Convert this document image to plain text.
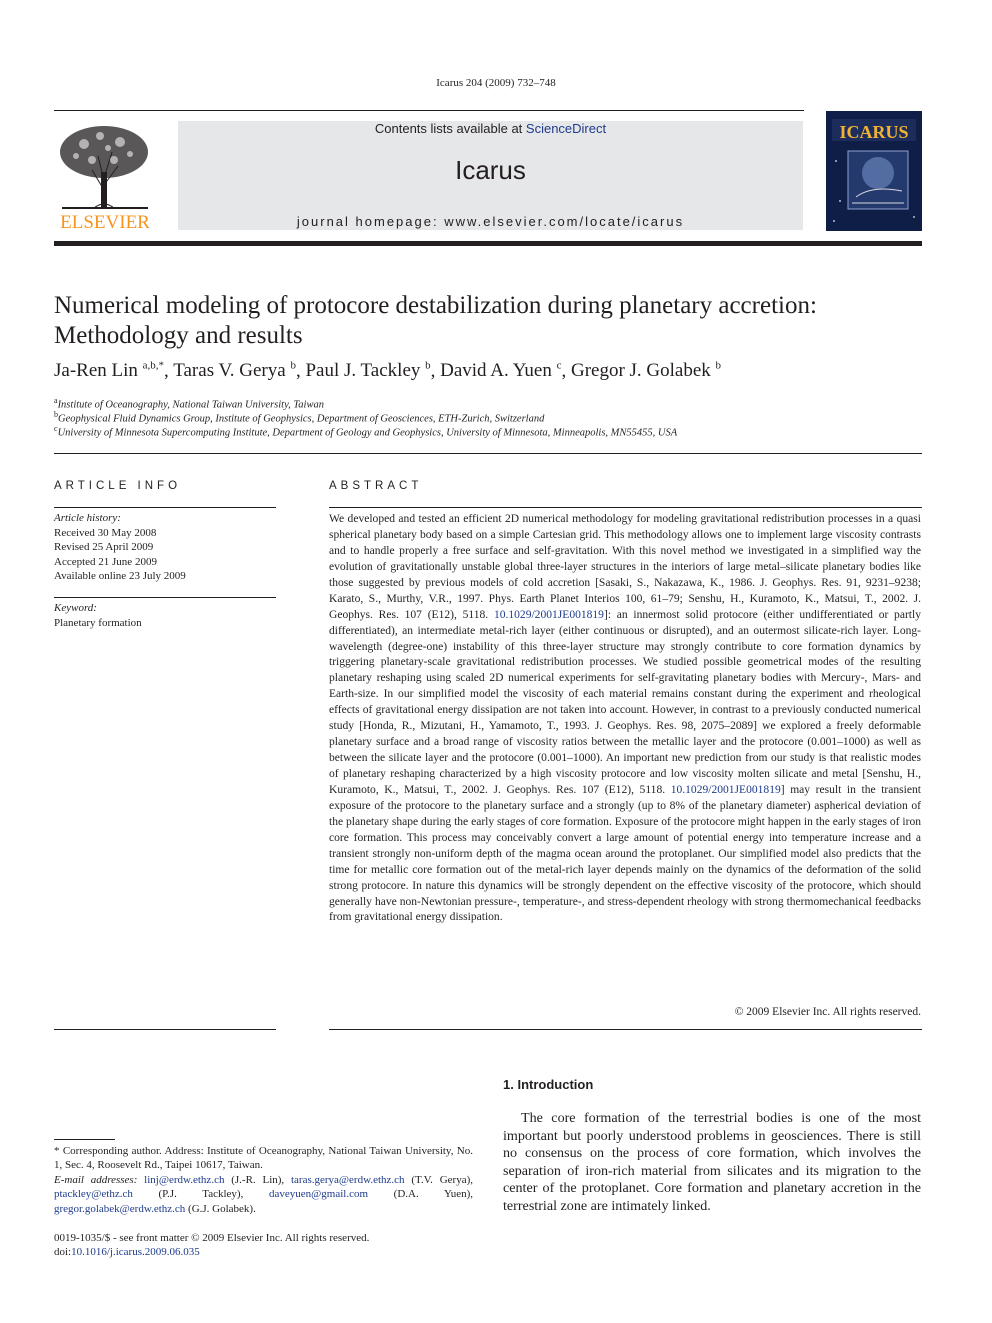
Icarus 204 (2009) 732–748
ELSEVIER
Contents lists available at ScienceDirect
Icarus
journal homepage: www.elsevier.com/locate/icarus
ICARUS
Numerical modeling of protocore destabilization during planetary accretion:
Methodology and results
Ja-Ren Lin $^{a,b,*}$, Taras V. Gerya $^b$, Paul J. Tackley $^b$, David A. Yuen $^c$, Gregor J. Golabek $^b$
$^a$Institute of Oceanography, National Taiwan University, Taiwan
$^b$Geophysical Fluid Dynamics Group, Institute of Geophysics, Department of Geosciences, ETH-Zurich, Switzerland
$^c$University of Minnesota Supercomputing Institute, Department of Geology and Geophysics, University of Minnesota, Minneapolis, MN55455, USA
ARTICLE INFO
Article history:
Received 30 May 2008
Revised 25 April 2009
Accepted 21 June 2009
Available online 23 July 2009
Keyword:
Planetary formation
ABSTRACT
We developed and tested an efficient 2D numerical methodology for modeling gravitational redistribution processes in a quasi spherical planetary body based on a simple Cartesian grid. This methodology allows one to implement large viscosity contrasts and to handle properly a free surface and self-gravitation. With this novel method we investigated in a simplified way the evolution of gravitationally unstable global three-layer structures in the interiors of large metal–silicate planetary bodies like those suggested by previous models of cold accretion [Sasaki, S., Nakazawa, K., 1986. J. Geophys. Res. 91, 9231–9238; Karato, S., Murthy, V.R., 1997. Phys. Earth Planet Interios 100, 61–79; Senshu, H., Kuramoto, K., Matsui, T., 2002. J. Geophys. Res. 107 (E12), 5118. 10.1029/2001JE001819]: an innermost solid protocore (either undifferentiated or partly differentiated), an intermediate metal-rich layer (either continuous or disrupted), and an outermost silicate-rich layer. Long-wavelength (degree-one) instability of this three-layer structure may strongly contribute to core formation dynamics by triggering planetary-scale gravitational redistribution processes. We studied possible geometrical modes of the resulting planetary reshaping using scaled 2D numerical experiments for self-gravitating planetary bodies with Mercury-, Mars- and Earth-size. In our simplified model the viscosity of each material remains constant during the experiment and rheological effects of gravitational energy dissipation are not taken into account. However, in contrast to a previously conducted numerical study [Honda, R., Mizutani, H., Yamamoto, T., 1993. J. Geophys. Res. 98, 2075–2089] we explored a freely deformable planetary surface and a broad range of viscosity ratios between the metallic layer and the protocore (0.001–1000) as well as between the silicate layer and the protocore (0.001–1000). An important new prediction from our study is that realistic modes of planetary reshaping characterized by a high viscosity protocore and low viscosity molten silicate and metal [Senshu, H., Kuramoto, K., Matsui, T., 2002. J. Geophys. Res. 107 (E12), 5118. 10.1029/2001JE001819] may result in the transient exposure of the protocore to the planetary surface and a strongly (up to 8% of the planetary diameter) aspherical deviation of the planetary shape during the early stages of core formation. Exposure of the protocore might happen in the early stages of iron core formation. This process may conceivably convert a large amount of potential energy into temperature increase and a transient strongly non-uniform depth of the magma ocean around the protoplanet. Our simplified model also predicts that the time for metallic core formation out of the metal-rich layer depends mainly on the dynamics of the deformation of the solid strong protocore. In nature this dynamics will be strongly dependent on the effective viscosity of the protocore, which should generally have non-Newtonian pressure-, temperature-, and stress-dependent rheology with strong thermomechanical feedbacks from gravitational energy dissipation.
© 2009 Elsevier Inc. All rights reserved.
1. Introduction
The core formation of the terrestrial bodies is one of the most important but poorly understood problems in geosciences. There is still no consensus on the process of core formation, which involves the separation of iron-rich material from silicates and its migration to the center of the protoplanet. Core formation and planetary accretion in the terrestrial zone are intimately linked.
* Corresponding author. Address: Institute of Oceanography, National Taiwan University, No. 1, Sec. 4, Roosevelt Rd., Taipei 10617, Taiwan.
E-mail addresses: linj@erdw.ethz.ch (J.-R. Lin), taras.gerya@erdw.ethz.ch (T.V. Gerya), ptackley@ethz.ch (P.J. Tackley), daveyuen@gmail.com (D.A. Yuen), gregor.golabek@erdw.ethz.ch (G.J. Golabek).
0019-1035/$ - see front matter © 2009 Elsevier Inc. All rights reserved.
doi:10.1016/j.icarus.2009.06.035
